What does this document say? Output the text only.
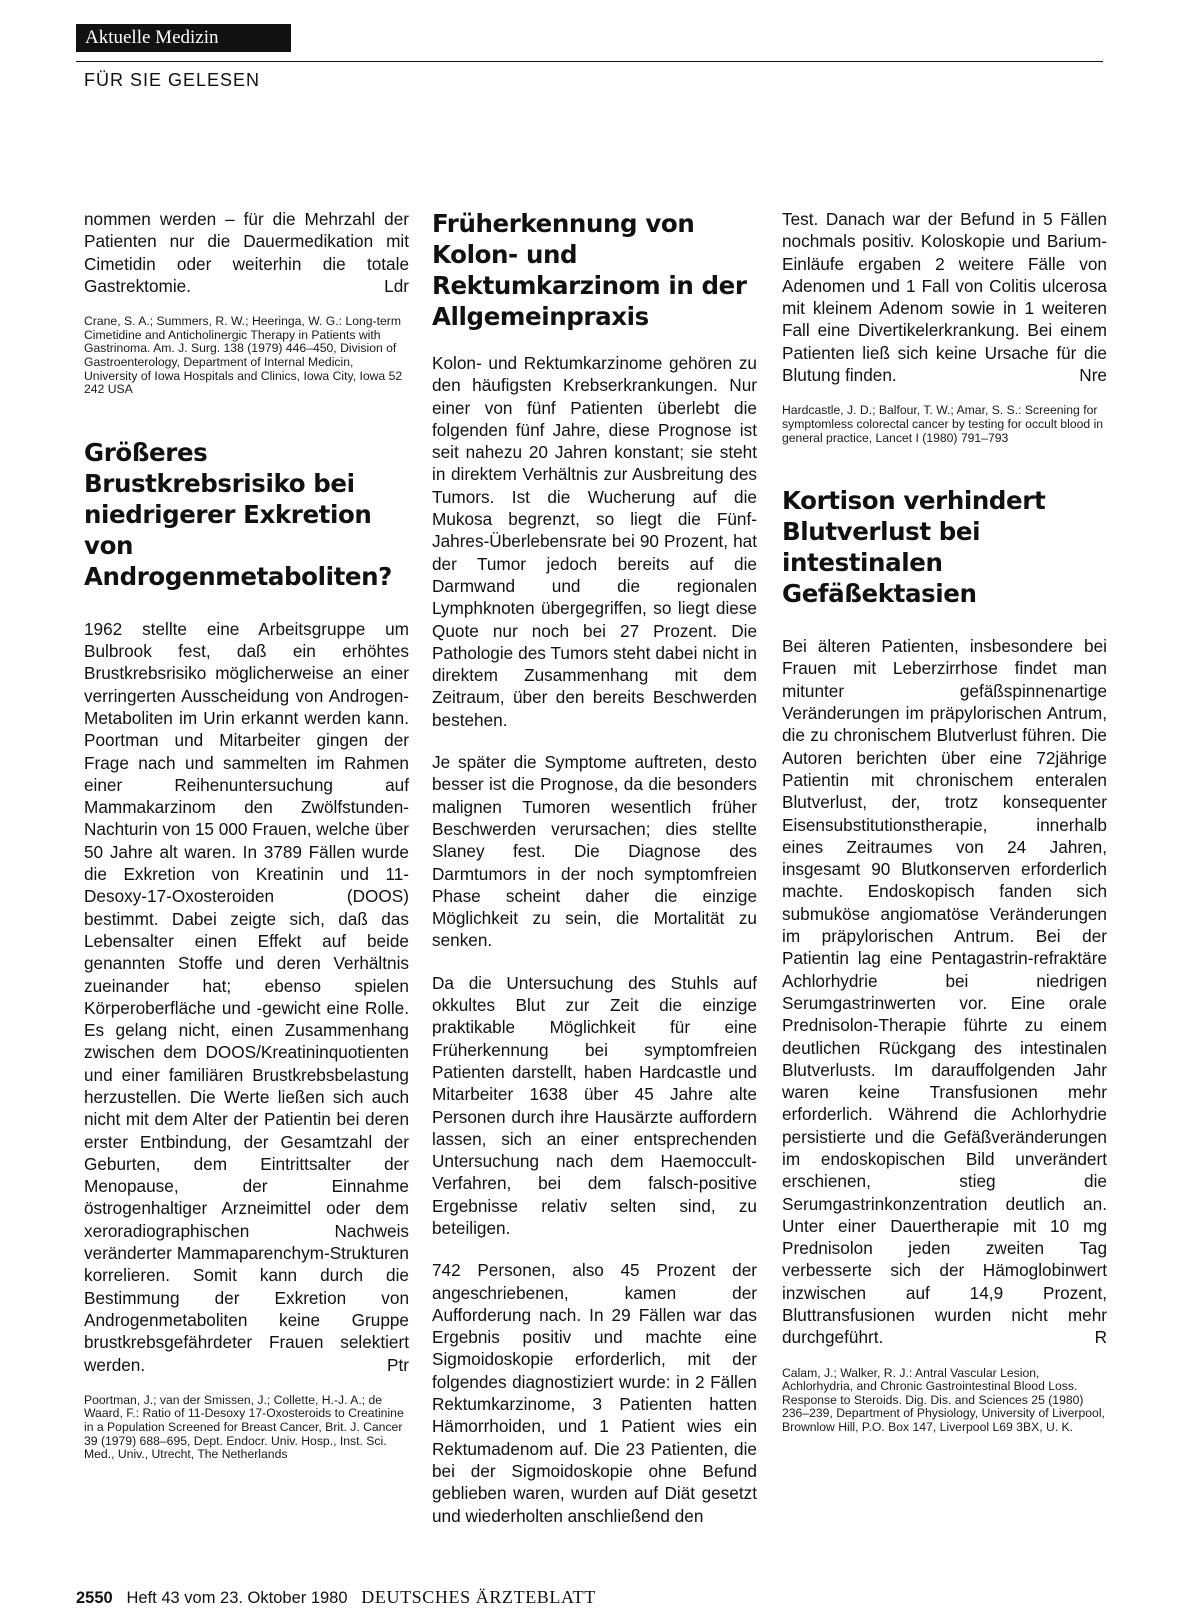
Aktuelle Medizin
FÜR SIE GELESEN

nommen werden – für die Mehrzahl der Patienten nur die Dauermedikation mit Cimetidin oder weiterhin die totale Gastrektomie.	Ldr

Crane, S. A.; Summers, R. W.; Heeringa, W. G.: Long-term Cimetidine and Anticholinergic Therapy in Patients with Gastrinoma. Am. J. Surg. 138 (1979) 446–450, Division of Gastroenterology, Department of Internal Medicin, University of Iowa Hospitals and Clinics, Iowa City, Iowa 52 242 USA

Größeres Brustkrebsrisiko bei niedrigerer Exkretion von Androgenmetaboliten?

1962 stellte eine Arbeitsgruppe um Bulbrook fest, daß ein erhöhtes Brustkrebsrisiko möglicherweise an einer verringerten Ausscheidung von Androgen-Metaboliten im Urin erkannt werden kann. Poortman und Mitarbeiter gingen der Frage nach und sammelten im Rahmen einer Reihenuntersuchung auf Mammakarzinom den Zwölfstunden-Nachturin von 15 000 Frauen, welche über 50 Jahre alt waren. In 3789 Fällen wurde die Exkretion von Kreatinin und 11-Desoxy-17-Oxosteroiden (DOOS) bestimmt. Dabei zeigte sich, daß das Lebensalter einen Effekt auf beide genannten Stoffe und deren Verhältnis zueinander hat; ebenso spielen Körperoberfläche und -gewicht eine Rolle. Es gelang nicht, einen Zusammenhang zwischen dem DOOS/Kreatininquotienten und einer familiären Brustkrebsbelastung herzustellen. Die Werte ließen sich auch nicht mit dem Alter der Patientin bei deren erster Entbindung, der Gesamtzahl der Geburten, dem Eintrittsalter der Menopause, der Einnahme östrogenhaltiger Arzneimittel oder dem xeroradiographischen Nachweis veränderter Mammaparenchym-Strukturen korrelieren. Somit kann durch die Bestimmung der Exkretion von Androgenmetaboliten keine Gruppe brustkrebsgefährdeter Frauen selektiert werden.	Ptr

Poortman, J.; van der Smissen, J.; Collette, H.-J. A.; de Waard, F.: Ratio of 11-Desoxy 17-Oxosteroids to Creatinine in a Population Screened for Breast Cancer, Brit. J. Cancer 39 (1979) 688–695, Dept. Endocr. Univ. Hosp., Inst. Sci. Med., Univ., Utrecht, The Netherlands

Früherkennung von Kolon- und Rektumkarzinom in der Allgemeinpraxis

Kolon- und Rektumkarzinome gehören zu den häufigsten Krebserkrankungen. Nur einer von fünf Patienten überlebt die folgenden fünf Jahre, diese Prognose ist seit nahezu 20 Jahren konstant; sie steht in direktem Verhältnis zur Ausbreitung des Tumors. Ist die Wucherung auf die Mukosa begrenzt, so liegt die Fünf-Jahres-Überlebensrate bei 90 Prozent, hat der Tumor jedoch bereits auf die Darmwand und die regionalen Lymphknoten übergegriffen, so liegt diese Quote nur noch bei 27 Prozent. Die Pathologie des Tumors steht dabei nicht in direktem Zusammenhang mit dem Zeitraum, über den bereits Beschwerden bestehen.

Je später die Symptome auftreten, desto besser ist die Prognose, da die besonders malignen Tumoren wesentlich früher Beschwerden verursachen; dies stellte Slaney fest. Die Diagnose des Darmtumors in der noch symptomfreien Phase scheint daher die einzige Möglichkeit zu sein, die Mortalität zu senken.

Da die Untersuchung des Stuhls auf okkultes Blut zur Zeit die einzige praktikable Möglichkeit für eine Früherkennung bei symptomfreien Patienten darstellt, haben Hardcastle und Mitarbeiter 1638 über 45 Jahre alte Personen durch ihre Hausärzte auffordern lassen, sich an einer entsprechenden Untersuchung nach dem Haemoccult-Verfahren, bei dem falsch-positive Ergebnisse relativ selten sind, zu beteiligen.

742 Personen, also 45 Prozent der angeschriebenen, kamen der Aufforderung nach. In 29 Fällen war das Ergebnis positiv und machte eine Sigmoidoskopie erforderlich, mit der folgendes diagnostiziert wurde: in 2 Fällen Rektumkarzinome, 3 Patienten hatten Hämorrhoiden, und 1 Patient wies ein Rektumadenom auf. Die 23 Patienten, die bei der Sigmoidoskopie ohne Befund geblieben waren, wurden auf Diät gesetzt und wiederholten anschließend den

Test. Danach war der Befund in 5 Fällen nochmals positiv. Koloskopie und Barium-Einläufe ergaben 2 weitere Fälle von Adenomen und 1 Fall von Colitis ulcerosa mit kleinem Adenom sowie in 1 weiteren Fall eine Divertikelerkrankung. Bei einem Patienten ließ sich keine Ursache für die Blutung finden.	Nre

Hardcastle, J. D.; Balfour, T. W.; Amar, S. S.: Screening for symptomless colorectal cancer by testing for occult blood in general practice, Lancet I (1980) 791–793

Kortison verhindert Blutverlust bei intestinalen Gefäßektasien

Bei älteren Patienten, insbesondere bei Frauen mit Leberzirrhose findet man mitunter gefäßspinnenartige Veränderungen im präpylorischen Antrum, die zu chronischem Blutverlust führen. Die Autoren berichten über eine 72jährige Patientin mit chronischem enteralen Blutverlust, der, trotz konsequenter Eisensubstitutionstherapie, innerhalb eines Zeitraumes von 24 Jahren, insgesamt 90 Blutkonserven erforderlich machte. Endoskopisch fanden sich submuköse angiomatöse Veränderungen im präpylorischen Antrum. Bei der Patientin lag eine Pentagastrin-refraktäre Achlorhydrie bei niedrigen Serumgastrinwerten vor. Eine orale Prednisolon-Therapie führte zu einem deutlichen Rückgang des intestinalen Blutverlusts. Im darauffolgenden Jahr waren keine Transfusionen mehr erforderlich. Während die Achlorhydrie persistierte und die Gefäßveränderungen im endoskopischen Bild unverändert erschienen, stieg die Serumgastrinkonzentration deutlich an. Unter einer Dauertherapie mit 10 mg Prednisolon jeden zweiten Tag verbesserte sich der Hämoglobinwert inzwischen auf 14,9 Prozent, Bluttransfusionen wurden nicht mehr durchgeführt.	R

Calam, J.; Walker, R. J.: Antral Vascular Lesion, Achlorhydria, and Chronic Gastrointestinal Blood Loss. Response to Steroids. Dig. Dis. and Sciences 25 (1980) 236–239, Department of Physiology, University of Liverpool, Brownlow Hill, P.O. Box 147, Liverpool L69 3BX, U. K.

2550 Heft 43 vom 23. Oktober 1980 DEUTSCHES ÄRZTEBLATT
